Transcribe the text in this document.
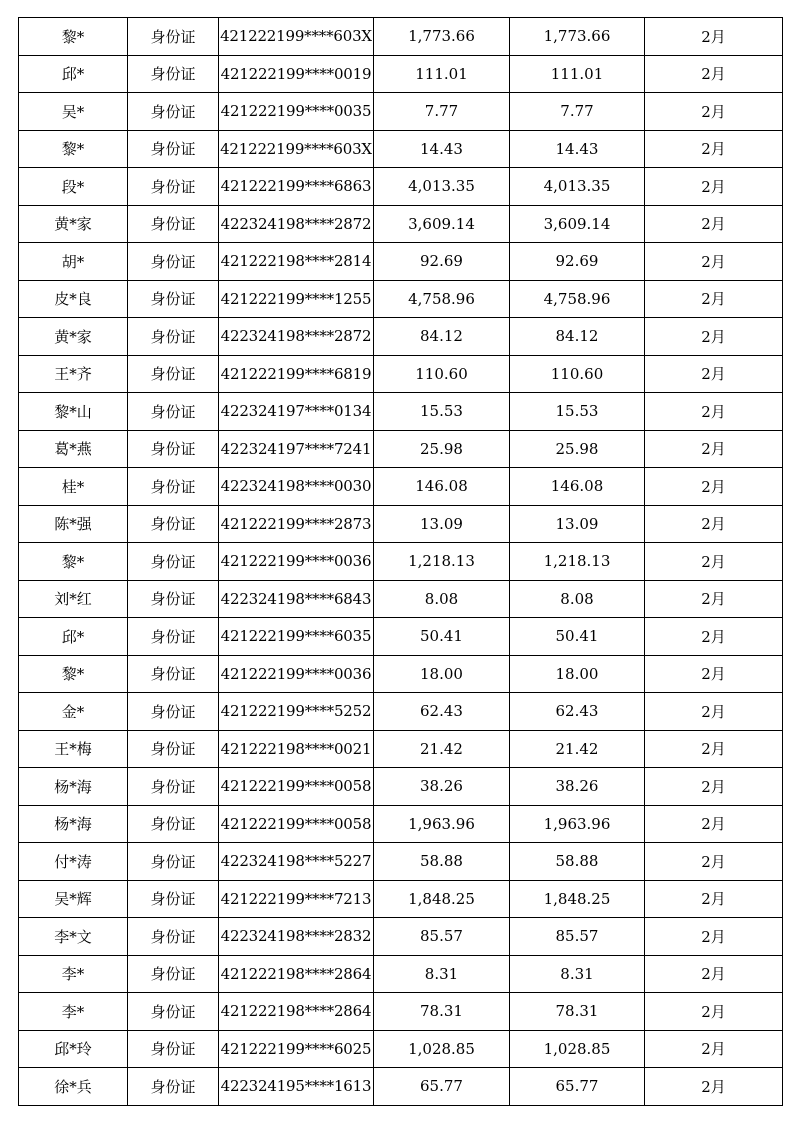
黎*	身份证	421222199****603X	1,773.66	1,773.66	2月
邱*	身份证	421222199****0019	111.01	111.01	2月
吴*	身份证	421222199****0035	7.77	7.77	2月
黎*	身份证	421222199****603X	14.43	14.43	2月
段*	身份证	421222199****6863	4,013.35	4,013.35	2月
黄*家	身份证	422324198****2872	3,609.14	3,609.14	2月
胡*	身份证	421222198****2814	92.69	92.69	2月
皮*良	身份证	421222199****1255	4,758.96	4,758.96	2月
黄*家	身份证	422324198****2872	84.12	84.12	2月
王*齐	身份证	421222199****6819	110.60	110.60	2月
黎*山	身份证	422324197****0134	15.53	15.53	2月
葛*燕	身份证	422324197****7241	25.98	25.98	2月
桂*	身份证	422324198****0030	146.08	146.08	2月
陈*强	身份证	421222199****2873	13.09	13.09	2月
黎*	身份证	421222199****0036	1,218.13	1,218.13	2月
刘*红	身份证	422324198****6843	8.08	8.08	2月
邱*	身份证	421222199****6035	50.41	50.41	2月
黎*	身份证	421222199****0036	18.00	18.00	2月
金*	身份证	421222199****5252	62.43	62.43	2月
王*梅	身份证	421222198****0021	21.42	21.42	2月
杨*海	身份证	421222199****0058	38.26	38.26	2月
杨*海	身份证	421222199****0058	1,963.96	1,963.96	2月
付*涛	身份证	422324198****5227	58.88	58.88	2月
吴*辉	身份证	421222199****7213	1,848.25	1,848.25	2月
李*文	身份证	422324198****2832	85.57	85.57	2月
李*	身份证	421222198****2864	8.31	8.31	2月
李*	身份证	421222198****2864	78.31	78.31	2月
邱*玲	身份证	421222199****6025	1,028.85	1,028.85	2月
徐*兵	身份证	422324195****1613	65.77	65.77	2月
